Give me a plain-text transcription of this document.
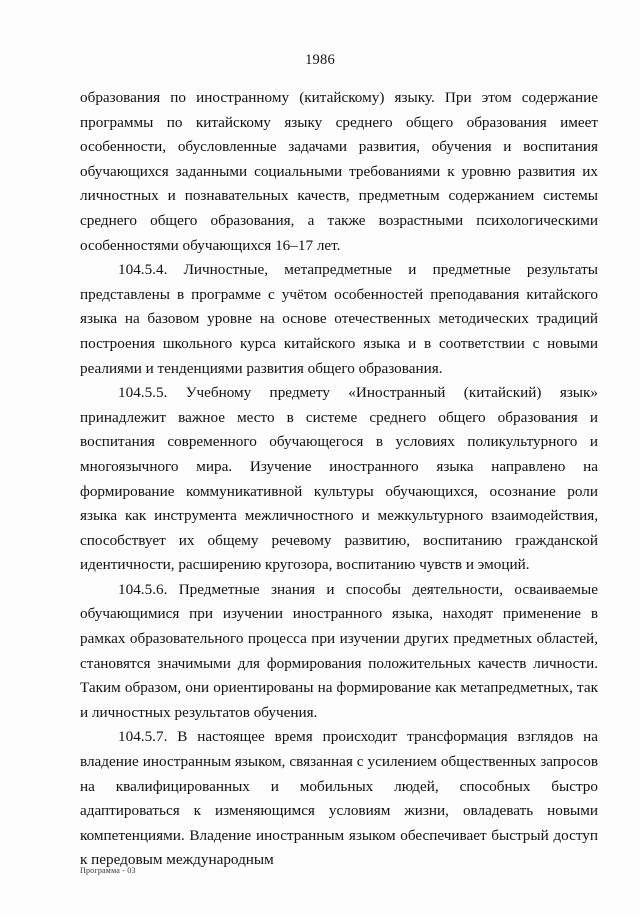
1986

образования по иностранному (китайскому) языку. При этом содержание программы по китайскому языку среднего общего образования имеет особенности, обусловленные задачами развития, обучения и воспитания обучающихся заданными социальными требованиями к уровню развития их личностных и познавательных качеств, предметным содержанием системы среднего общего образования, а также возрастными психологическими особенностями обучающихся 16–17 лет.

104.5.4. Личностные, метапредметные и предметные результаты представлены в программе с учётом особенностей преподавания китайского языка на базовом уровне на основе отечественных методических традиций построения школьного курса китайского языка и в соответствии с новыми реалиями и тенденциями развития общего образования.

104.5.5. Учебному предмету «Иностранный (китайский) язык» принадлежит важное место в системе среднего общего образования и воспитания современного обучающегося в условиях поликультурного и многоязычного мира. Изучение иностранного языка направлено на формирование коммуникативной культуры обучающихся, осознание роли языка как инструмента межличностного и межкультурного взаимодействия, способствует их общему речевому развитию, воспитанию гражданской идентичности, расширению кругозора, воспитанию чувств и эмоций.

104.5.6. Предметные знания и способы деятельности, осваиваемые обучающимися при изучении иностранного языка, находят применение в рамках образовательного процесса при изучении других предметных областей, становятся значимыми для формирования положительных качеств личности. Таким образом, они ориентированы на формирование как метапредметных, так и личностных результатов обучения.

104.5.7. В настоящее время происходит трансформация взглядов на владение иностранным языком, связанная с усилением общественных запросов на квалифицированных и мобильных людей, способных быстро адаптироваться к изменяющимся условиям жизни, овладевать новыми компетенциями. Владение иностранным языком обеспечивает быстрый доступ к передовым международным

Программа - 03
